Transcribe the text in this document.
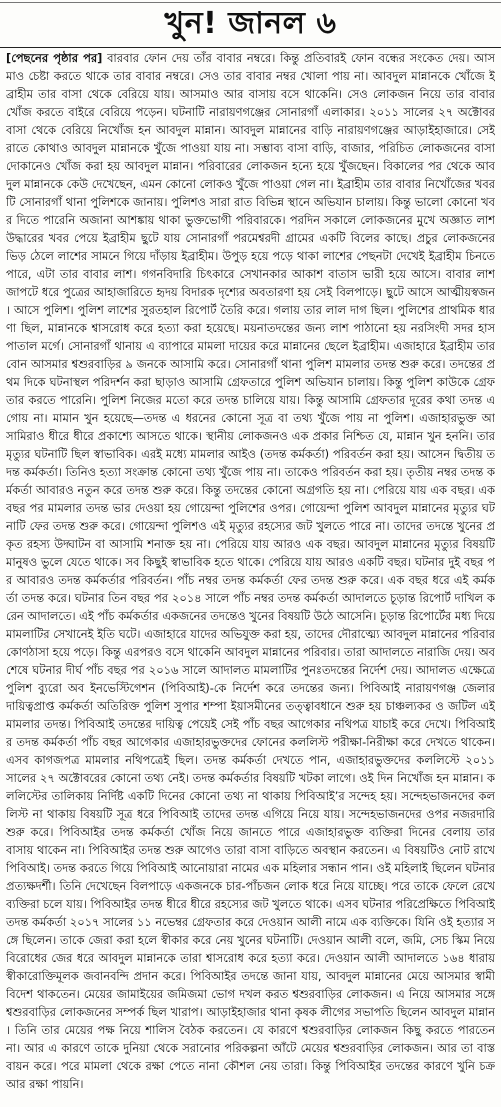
খুন! জানল ৬

[পেছনের পৃষ্ঠার পর] বারবার ফোন দেয় তাঁর বাবার নম্বরে। কিন্তু প্রতিবারই ফোন বন্ধের সংকেত দেয়। আসমাও চেষ্টা করতে থাকে তার বাবার নম্বরে। সেও তার বাবার নম্বর খোলা পায় না। আবদুল মান্নানকে খোঁজে ইব্রাহীম তার বাসা থেকে বেরিয়ে যায়। আসমাও আর বাসায় বসে থাকেনি। সেও লোকজন নিয়ে তার বাবার খোঁজ করতে বাইরে বেরিয়ে পড়েন। ঘটনাটি নারায়ণগঞ্জের সোনারগাঁ এলাকার। ২০১১ সালের ২৭ অক্টোবর বাসা থেকে বেরিয়ে নিখোঁজ হন আবদুল মান্নান। আবদুল মান্নানের বাড়ি নারায়ণগঞ্জের আড়াইহাজারে। সেই রাতে কোথাও আবদুল মান্নানকে খুঁজে পাওয়া যায় না। সম্ভাব্য বাসা বাড়ি, বাজার, পরিচিত লোকজনের বাসা দোকানেও খোঁজ করা হয় আবদুল মান্নান। পরিবারের লোকজন হন্যে হয়ে খুঁজছেন। বিকালের পর থেকে আবদুল মান্নানকে কেউ দেখেছেন, এমন কোনো লোকও খুঁজে পাওয়া গেল না। ইব্রাহীম তার বাবার নিখোঁজের খবরটি সোনারগাঁ থানা পুলিশকে জানায়। পুলিশও সারা রাত বিভিন্ন স্থানে অভিযান চালায়। কিন্তু ভালো কোনো খবর দিতে পারেনি অজানা আশঙ্কায় থাকা ভুক্তভোগী পরিবারকে। পরদিন সকালে লোকজনের মুখে অজ্ঞাত লাশ উদ্ধারের খবর পেয়ে ইব্রাহীম ছুটে যায় সোনারগাঁ পরমেশ্বরদী গ্রামের একটি বিলের কাছে। প্রচুর লোকজনের ভিড় ঠেলে লাশের সামনে গিয়ে দাঁড়ায় ইব্রাহীম। উপুড় হয়ে পড়ে থাকা লাশের পেছনটা দেখেই ইব্রাহীম চিনতে পারে, এটা তার বাবার লাশ। গগনবিদারি চিৎকারে সেখানকার আকাশ বাতাস ভারী হয়ে আসে। বাবার লাশ জাপটে ধরে পুত্রের আহাজারিতে হৃদয় বিদারক দৃশ্যের অবতারণা হয় সেই বিলপাড়ে। ছুটে আসে আত্মীয়স্বজন। আসে পুলিশ। পুলিশ লাশের সুরতহাল রিপোর্ট তৈরি করে। গলায় তার লাল দাগ ছিল। পুলিশের প্রাথমিক ধারণা ছিল, মান্নানকে শ্বাসরোধ করে হত্যা করা হয়েছে। ময়নাতদন্তের জন্য লাশ পাঠানো হয় নরসিংদী সদর হাসপাতাল মর্গে। সোনারগাঁ থানায় এ ব্যাপারে মামলা দায়ের করে মান্নানের ছেলে ইব্রাহীম। এজাহারে ইব্রাহীম তার বোন আসমার শ্বশুরবাড়ির ৯ জনকে আসামি করে। সোনারগাঁ থানা পুলিশ মামলার তদন্ত শুরু করে। তদন্তের প্রথম দিকে ঘটনাস্থল পরিদর্শন করা ছাড়াও আসামি গ্রেফতারে পুলিশ অভিযান চালায়। কিন্তু পুলিশ কাউকে গ্রেফতার করতে পারেনি। পুলিশ নিজের মতো করে তদন্ত চালিয়ে যায়। কিন্তু আসামি গ্রেফতার দূরের কথা তদন্ত এগোয় না। মামান খুন হয়েছে—তদন্ত এ ধরনের কোনো সূত্র বা তথ্য খুঁজে পায় না পুলিশ। এজাহারভুক্ত আসামিরাও ধীরে ধীরে প্রকাশ্যে আসতে থাকে। স্থানীয় লোকজনও এক প্রকার নিশ্চিত যে, মান্নান খুন হননি। তার মৃত্যুর ঘটনাটি ছিল স্বাভাবিক। এরই মধ্যে মামলার আইও (তদন্ত কর্মকর্তা) পরিবর্তন করা হয়। আসেন দ্বিতীয় তদন্ত কর্মকর্তা। তিনিও হত্যা সংক্রান্ত কোনো তথ্য খুঁজে পায় না। তাকেও পরিবর্তন করা হয়। তৃতীয় নম্বর তদন্ত কর্মকর্তা আবারও নতুন করে তদন্ত শুরু করে। কিন্তু তদন্তের কোনো অগ্রগতি হয় না। পেরিয়ে যায় এক বছর। এক বছর পর মামলার তদন্ত ভার দেওয়া হয় গোয়েন্দা পুলিশের ওপর। গোয়েন্দা পুলিশ আবদুল মান্নানের মৃত্যুর ঘটনাটি ফের তদন্ত শুরু করে। গোয়েন্দা পুলিশও এই মৃত্যুর রহস্যের জট খুলতে পারে না। তাদের তদন্তে খুনের প্রকৃত রহস্য উদ্ঘাটন বা আসামি শনাক্ত হয় না। পেরিয়ে যায় আরও এক বছর। আবদুল মান্নানের মৃত্যুর বিষয়টি মানুষও ভুলে যেতে থাকে। সব কিছুই স্বাভাবিক হতে থাকে। পেরিয়ে যায় আরও একটি বছর। ঘটনার দুই বছর পর আবারও তদন্ত কর্মকর্তার পরিবর্তন। পাঁচ নম্বর তদন্ত কর্মকর্তা ফের তদন্ত শুরু করে। এক বছর ধরে এই কর্মকর্তা তদন্ত করে। ঘটনার তিন বছর পর ২০১৪ সালে পাঁচ নম্বর তদন্ত কর্মকর্তা আদালতে চূড়ান্ত রিপোর্ট দাখিল করেন আদালতে। এই পাঁচ কর্মকর্তার একজনের তদন্তেও খুনের বিষয়টি উঠে আসেনি। চূড়ান্ত রিপোর্টের মধ্য দিয়ে মামলাটির সেখানেই ইতি ঘটে। এজাহারে যাদের অভিযুক্ত করা হয়, তাদের দৌরাত্ম্যে আবদুল মান্নানের পরিবার কোণঠাসা হয়ে পড়ে। কিন্তু এরপরও বসে থাকেনি আবদুল মান্নানের পরিবার। তারা আদালতে নারাজি দেয়। অবশেষে ঘটনার দীর্ঘ পাঁচ বছর পর ২০১৬ সালে আদালত মামলাটির পুনঃতদন্তের নির্দেশ দেয়। আদালত এক্ষেত্রে পুলিশ ব্যুরো অব ইনভেস্টিগেশন (পিবিআই)-কে নির্দেশ করে তদন্তের জন্য। পিবিআই নারায়ণগঞ্জ জেলার দায়িত্বপ্রাপ্ত কর্মকর্তা অতিরিক্ত পুলিশ সুপার শম্পা ইয়াসমীনের তত্ত্বাবধানে শুরু হয় চাঞ্চল্যকর ও জটিল এই মামলার তদন্ত। পিবিআই তদন্তের দায়িত্ব পেয়েই সেই পাঁচ বছর আগেকার নথিপত্র যাচাই করে দেখে। পিবিআইর তদন্ত কর্মকর্তা পাঁচ বছর আগেকার এজাহারভুক্তদের ফোনের কললিস্ট পরীক্ষা-নিরীক্ষা করে দেখতে থাকেন। এসব কাগজপত্র মামলার নথিপত্রেই ছিল। তদন্ত কর্মকর্তা দেখতে পান, এজাহারভুক্তদের কললিস্টে ২০১১ সালের ২৭ অক্টোবরের কোনো তথ্য নেই। তদন্ত কর্মকর্তার বিষয়টি খটকা লাগে। ওই দিন নিখোঁজ হন মান্নান। কললিস্টের তালিকায় নির্দিষ্ট একটি দিনের কোনো তথ্য না থাকায় পিবিআই’র সন্দেহ হয়। সন্দেহভাজনদের কললিস্ট না থাকায় বিষয়টি সূত্র ধরে পিবিআই তাদের তদন্ত এগিয়ে নিয়ে যায়। সন্দেহভাজনদের ওপর নজরদারি শুরু করে। পিবিআইর তদন্ত কর্মকর্তা খোঁজ নিয়ে জানতে পারে এজাহারভুক্ত ব্যক্তিরা দিনের বেলায় তার বাসায় থাকেন না। পিবিআইর তদন্ত শুরু আগেও তারা বাসা বাড়িতে অবস্থান করতেন। এ বিষয়টিও নোট রাখে পিবিআই। তদন্ত করতে গিয়ে পিবিআই আনোয়ারা নামের এক মহিলার সন্ধান পান। ওই মহিলাই ছিলেন ঘটনার প্রত্যক্ষদর্শী। তিনি দেখেছেন বিলপাড়ে একজনকে চার-পাঁচজন লোক ধরে নিয়ে যাচ্ছে। পরে তাকে ফেলে রেখে ব্যক্তিরা চলে যায়। পিবিআইর তদন্ত ধীরে ধীরে রহস্যের জট খুলতে থাকে। এসব ঘটনার পরিপ্রেক্ষিতে পিবিআই তদন্ত কর্মকর্তা ২০১৭ সালের ১১ নভেম্বর গ্রেফতার করে দেওয়ান আলী নামে এক ব্যক্তিকে। যিনি ওই হত্যার সঙ্গে ছিলেন। তাকে জেরা করা হলে স্বীকার করে নেয় খুনের ঘটনাটি। দেওয়ান আলী বলে, জমি, সেচ স্কিম নিয়ে বিরোধের জের ধরে আবদুল মান্নানকে তারা শ্বাসরোধ করে হত্যা করে। দেওয়ান আলী আদালতে ১৬৪ ধারায় স্বীকারোক্তিমূলক জবানবন্দি প্রদান করে। পিবিআইর তদন্তে জানা যায়, আবদুল মান্নানের মেয়ে আসমার স্বামী বিদেশ থাকতেন। মেয়ের জামাইয়ের জমিজমা ভোগ দখল করত শ্বশুরবাড়ির লোকজন। এ নিয়ে আসমার সঙ্গে শ্বশুরবাড়ির লোকজনের সম্পর্ক ছিল খারাপ। আড়াইহাজার থানা কৃষক লীগের সভাপতি ছিলেন আবদুল মান্নান। তিনি তার মেয়ের পক্ষ নিয়ে শালিস বৈঠক করতেন। যে কারণে শ্বশুরবাড়ির লোকজন কিছু করতে পারতেন না। আর এ কারণে তাকে দুনিয়া থেকে সরানোর পরিকল্পনা আঁটে মেয়ের শ্বশুরবাড়ির লোকজন। আর তা বাস্তবায়ন করে। পরে মামলা থেকে রক্ষা পেতে নানা কৌশল নেয় তারা। কিন্তু পিবিআইর তদন্তের কারণে খুনি চক্র আর রক্ষা পায়নি।
